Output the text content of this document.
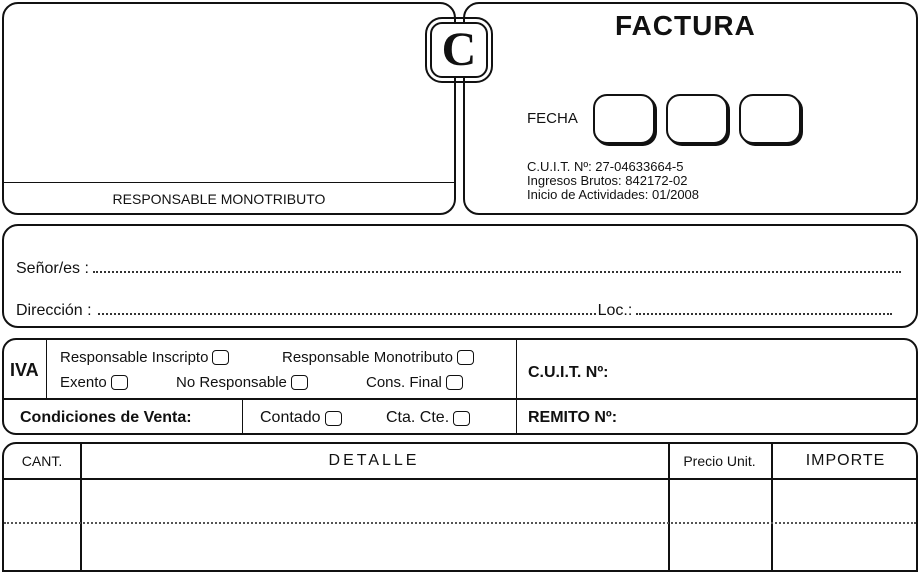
RESPONSABLE MONOTRIBUTO
C	FACTURA
FECHA
C.U.I.T. Nº: 27-04633664-5
Ingresos Brutos: 842172-02
Inicio de Actividades: 01/2008
Señor/es :
Dirección :	Loc.:
IVA
Responsable Inscripto	Responsable Monotributo
Exento	No Responsable	Cons. Final
C.U.I.T. Nº:
Condiciones de Venta:	Contado	Cta. Cte.	REMITO Nº:
CANT.	DETALLE	Precio Unit.	IMPORTE
